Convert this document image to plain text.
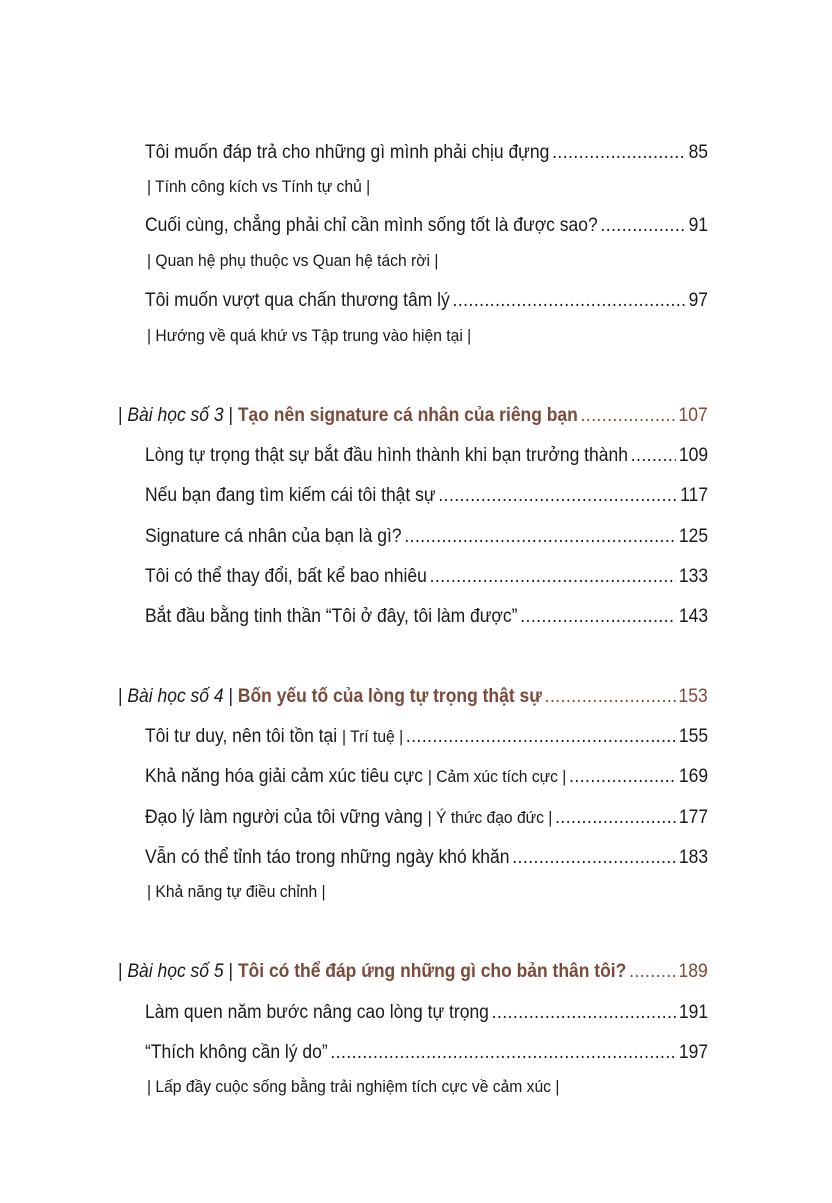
Tôi muốn đáp trả cho những gì mình phải chịu đựng .....	85
| Tính công kích vs Tính tự chủ |
Cuối cùng, chẳng phải chỉ cần mình sống tốt là được sao? .....	91
| Quan hệ phụ thuộc vs Quan hệ tách rời |
Tôi muốn vượt qua chấn thương tâm lý .....	97
| Hướng về quá khứ vs Tập trung vào hiện tại |
| Bài học số 3 | Tạo nên signature cá nhân của riêng bạn .....	107
Lòng tự trọng thật sự bắt đầu hình thành khi bạn trưởng thành .....	109
Nếu bạn đang tìm kiếm cái tôi thật sự .....	117
Signature cá nhân của bạn là gì? .....	125
Tôi có thể thay đổi, bất kể bao nhiêu .....	133
Bắt đầu bằng tinh thần “Tôi ở đây, tôi làm được” .....	143
| Bài học số 4 | Bốn yếu tố của lòng tự trọng thật sự .....	153
Tôi tư duy, nên tôi tồn tại | Trí tuệ | .....	155
Khả năng hóa giải cảm xúc tiêu cực | Cảm xúc tích cực | .....	169
Đạo lý làm người của tôi vững vàng | Ý thức đạo đức | .....	177
Vẫn có thể tỉnh táo trong những ngày khó khăn .....	183
| Khả năng tự điều chỉnh |
| Bài học số 5 | Tôi có thể đáp ứng những gì cho bản thân tôi? .....	189
Làm quen năm bước nâng cao lòng tự trọng .....	191
“Thích không cần lý do” .....	197
| Lấp đầy cuộc sống bằng trải nghiệm tích cực về cảm xúc |
